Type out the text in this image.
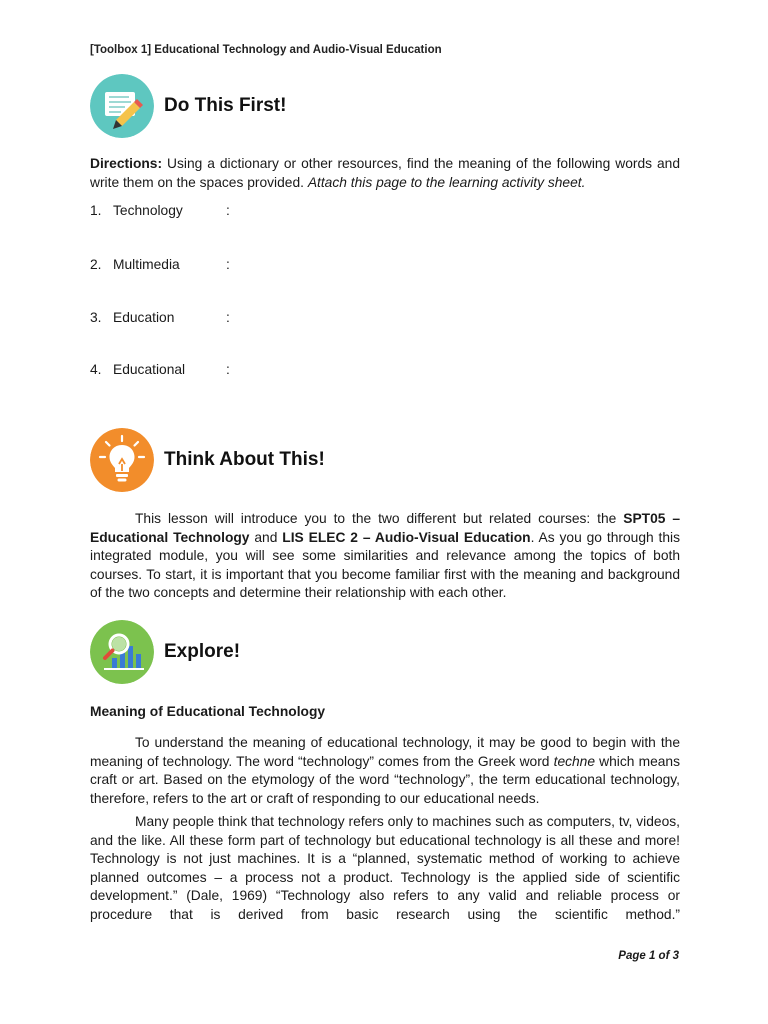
[Toolbox 1] Educational Technology and Audio-Visual Education
Do This First!
Directions: Using a dictionary or other resources, find the meaning of the following words and write them on the spaces provided. Attach this page to the learning activity sheet.
1. Technology	:
2. Multimedia	:
3. Education	:
4. Educational	:
Think About This!

This lesson will introduce you to the two different but related courses: the SPT05 – Educational Technology and LIS ELEC 2 – Audio-Visual Education. As you go through this integrated module, you will see some similarities and relevance among the topics of both courses. To start, it is important that you become familiar first with the meaning and background of the two concepts and determine their relationship with each other.

Explore!
Meaning of Educational Technology

To understand the meaning of educational technology, it may be good to begin with the meaning of technology. The word “technology” comes from the Greek word techne which means craft or art. Based on the etymology of the word “technology”, the term educational technology, therefore, refers to the art or craft of responding to our educational needs.

Many people think that technology refers only to machines such as computers, tv, videos, and the like. All these form part of technology but educational technology is all these and more! Technology is not just machines. It is a “planned, systematic method of working to achieve planned outcomes – a process not a product. Technology is the applied side of scientific development.” (Dale, 1969) “Technology also refers to any valid and reliable process or procedure that is derived from basic research using the scientific method.”

Page 1 of 3
